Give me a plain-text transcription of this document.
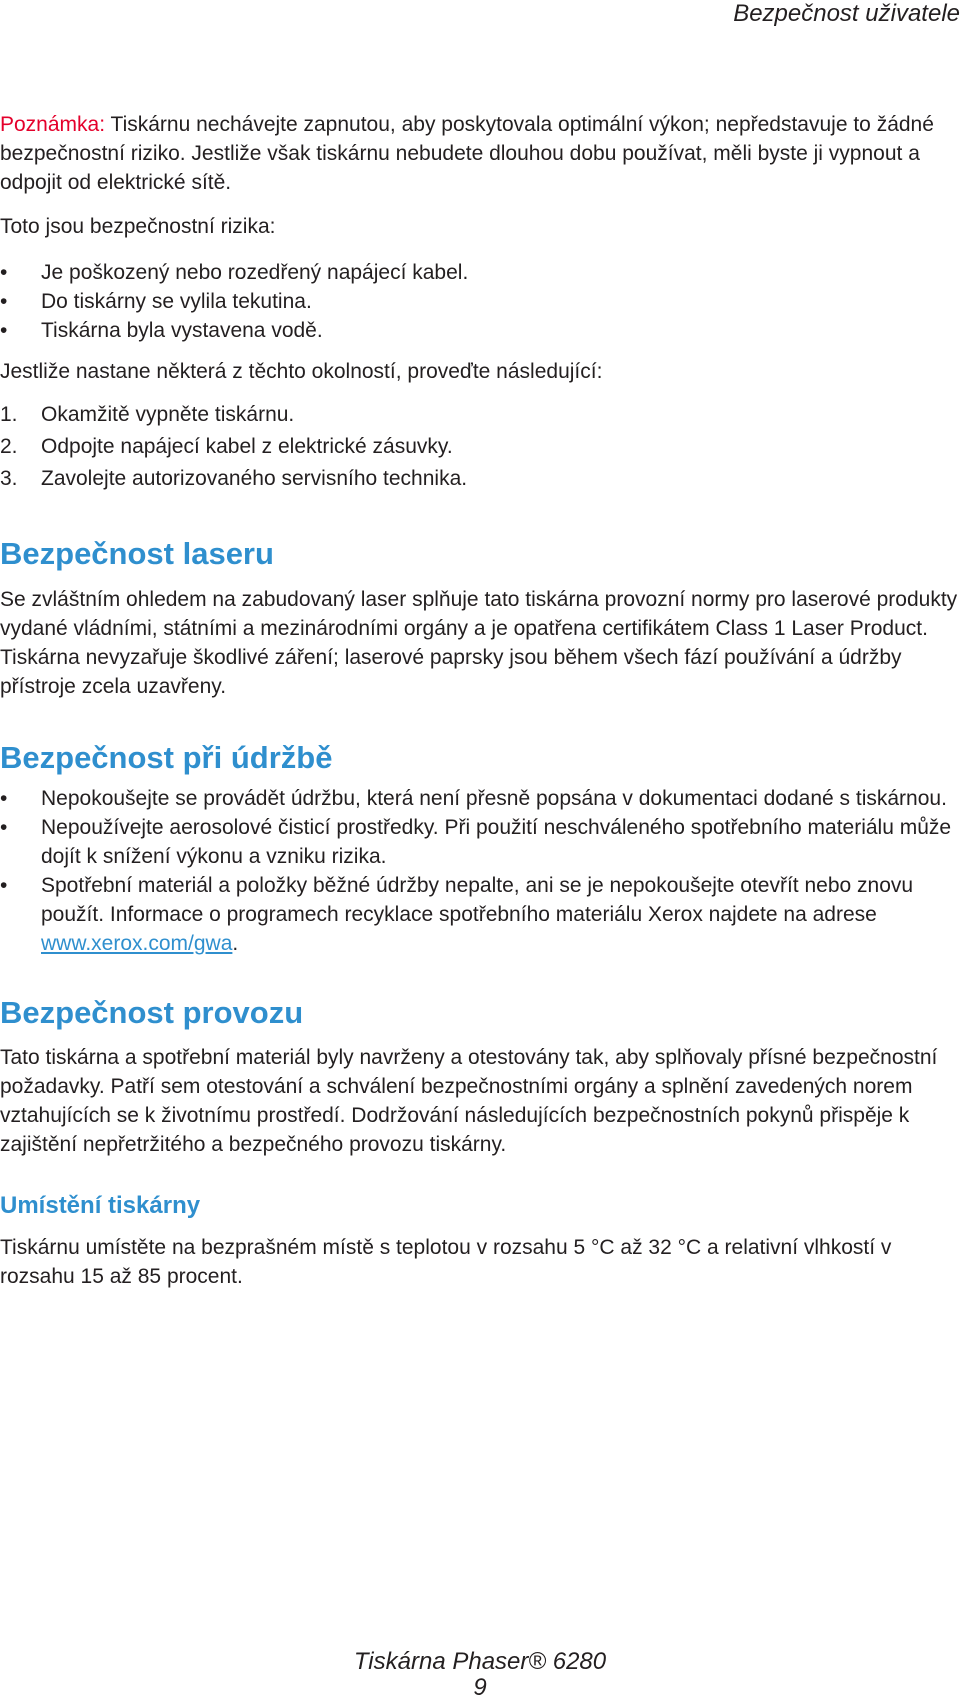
Bezpečnost uživatele

Poznámka: Tiskárnu nechávejte zapnutou, aby poskytovala optimální výkon; nepředstavuje to žádné bezpečnostní riziko. Jestliže však tiskárnu nebudete dlouhou dobu používat, měli byste ji vypnout a odpojit od elektrické sítě.

Toto jsou bezpečnostní rizika:

• Je poškozený nebo rozedřený napájecí kabel.
• Do tiskárny se vylila tekutina.
• Tiskárna byla vystavena vodě.

Jestliže nastane některá z těchto okolností, proveďte následující:

1. Okamžitě vypněte tiskárnu.
2. Odpojte napájecí kabel z elektrické zásuvky.
3. Zavolejte autorizovaného servisního technika.
Bezpečnost laseru

Se zvláštním ohledem na zabudovaný laser splňuje tato tiskárna provozní normy pro laserové produkty vydané vládními, státními a mezinárodními orgány a je opatřena certifikátem Class 1 Laser Product. Tiskárna nevyzařuje škodlivé záření; laserové paprsky jsou během všech fází používání a údržby přístroje zcela uzavřeny.

Bezpečnost při údržbě
• Nepokoušejte se provádět údržbu, která není přesně popsána v dokumentaci dodané s tiskárnou.
• Nepoužívejte aerosolové čisticí prostředky. Při použití neschváleného spotřebního materiálu může dojít k snížení výkonu a vzniku rizika.
• Spotřební materiál a položky běžné údržby nepalte, ani se je nepokoušejte otevřít nebo znovu použít. Informace o programech recyklace spotřebního materiálu Xerox najdete na adrese www.xerox.com/gwa.
Bezpečnost provozu

Tato tiskárna a spotřební materiál byly navrženy a otestovány tak, aby splňovaly přísné bezpečnostní požadavky. Patří sem otestování a schválení bezpečnostními orgány a splnění zavedených norem vztahujících se k životnímu prostředí. Dodržování následujících bezpečnostních pokynů přispěje k zajištění nepřetržitého a bezpečného provozu tiskárny.

Umístění tiskárny

Tiskárnu umístěte na bezprašném místě s teplotou v rozsahu 5 °C až 32 °C a relativní vlhkostí v rozsahu 15 až 85 procent.

Tiskárna Phaser® 6280
9
